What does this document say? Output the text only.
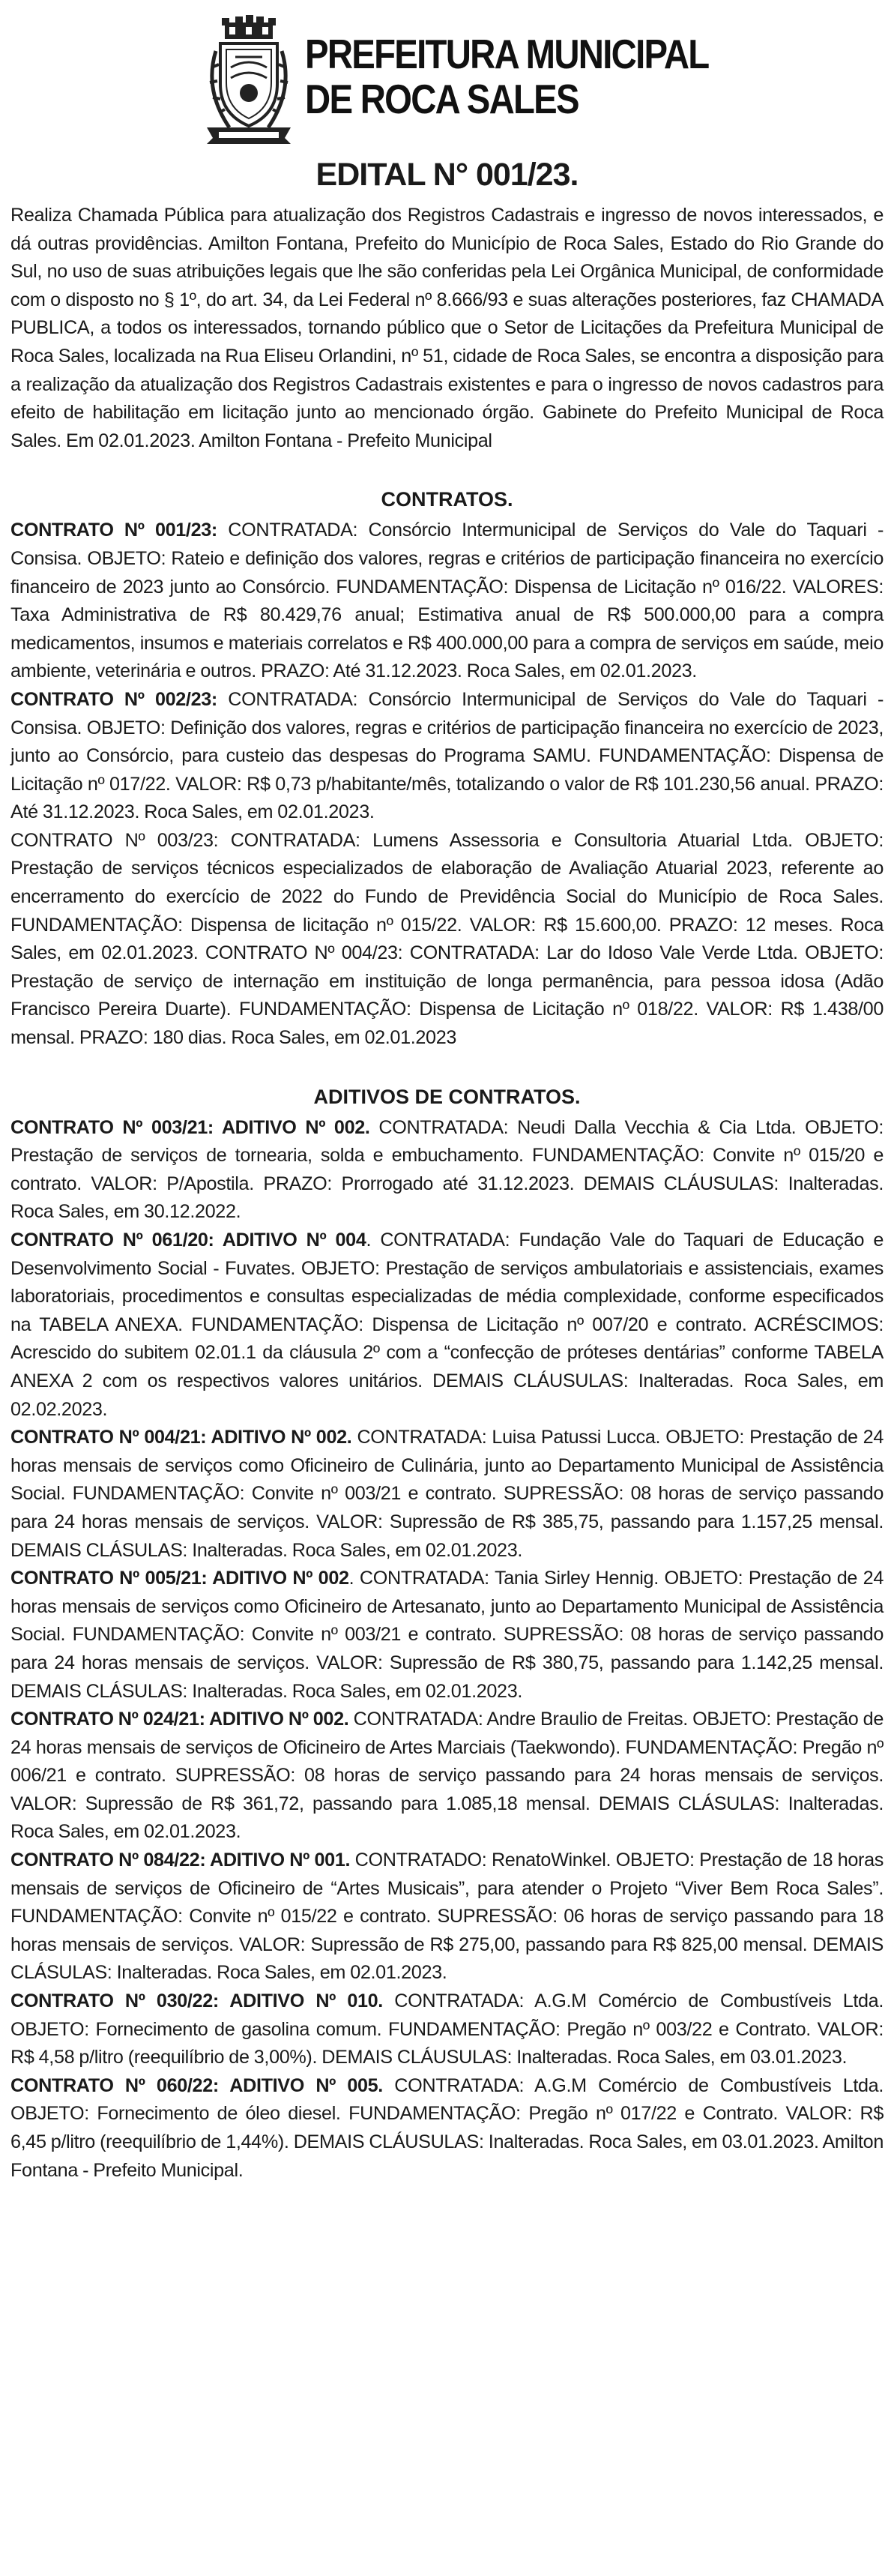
PREFEITURA MUNICIPAL
DE ROCA SALES
EDITAL N° 001/23.

Realiza Chamada Pública para atualização dos Registros Cadastrais e ingresso de novos interessados, e dá outras providências. Amilton Fontana, Prefeito do Município de Roca Sales, Estado do Rio Grande do Sul, no uso de suas atribuições legais que lhe são conferidas pela Lei Orgânica Municipal, de conformidade com o disposto no § 1º, do art. 34, da Lei Federal nº 8.666/93 e suas alterações posteriores, faz CHAMADA PUBLICA, a todos os interessados, tornando público que o Setor de Licitações da Prefeitura Municipal de Roca Sales, localizada na Rua Eliseu Orlandini, nº 51, cidade de Roca Sales, se encontra a disposição para a realização da atualização dos Registros Cadastrais existentes e para o ingresso de novos cadastros para efeito de habilitação em licitação junto ao mencionado órgão. Gabinete do Prefeito Municipal de Roca Sales. Em 02.01.2023. Amilton Fontana - Prefeito Municipal

CONTRATOS.

CONTRATO Nº 001/23: CONTRATADA: Consórcio Intermunicipal de Serviços do Vale do Taquari - Consisa. OBJETO: Rateio e definição dos valores, regras e critérios de participação financeira no exercício financeiro de 2023 junto ao Consórcio. FUNDAMENTAÇÃO: Dispensa de Licitação nº 016/22. VALORES: Taxa Administrativa de R$ 80.429,76 anual; Estimativa anual de R$ 500.000,00 para a compra medicamentos, insumos e materiais correlatos e R$ 400.000,00 para a compra de serviços em saúde, meio ambiente, veterinária e outros. PRAZO: Até 31.12.2023. Roca Sales, em 02.01.2023.

CONTRATO Nº 002/23: CONTRATADA: Consórcio Intermunicipal de Serviços do Vale do Taquari - Consisa. OBJETO: Definição dos valores, regras e critérios de participação financeira no exercício de 2023, junto ao Consórcio, para custeio das despesas do Programa SAMU. FUNDAMENTAÇÃO: Dispensa de Licitação nº 017/22. VALOR: R$ 0,73 p/habitante/mês, totalizando o valor de R$ 101.230,56 anual. PRAZO: Até 31.12.2023. Roca Sales, em 02.01.2023.

CONTRATO Nº 003/23: CONTRATADA: Lumens Assessoria e Consultoria Atuarial Ltda. OBJETO: Prestação de serviços técnicos especializados de elaboração de Avaliação Atuarial 2023, referente ao encerramento do exercício de 2022 do Fundo de Previdência Social do Município de Roca Sales. FUNDAMENTAÇÃO: Dispensa de licitação nº 015/22. VALOR: R$ 15.600,00. PRAZO: 12 meses. Roca Sales, em 02.01.2023. CONTRATO Nº 004/23: CONTRATADA: Lar do Idoso Vale Verde Ltda. OBJETO: Prestação de serviço de internação em instituição de longa permanência, para pessoa idosa (Adão Francisco Pereira Duarte). FUNDAMENTAÇÃO: Dispensa de Licitação nº 018/22. VALOR: R$ 1.438/00 mensal. PRAZO: 180 dias. Roca Sales, em 02.01.2023

ADITIVOS DE CONTRATOS.

CONTRATO Nº 003/21: ADITIVO Nº 002. CONTRATADA: Neudi Dalla Vecchia & Cia Ltda. OBJETO: Prestação de serviços de tornearia, solda e embuchamento. FUNDAMENTAÇÃO: Convite nº 015/20 e contrato. VALOR: P/Apostila. PRAZO: Prorrogado até 31.12.2023. DEMAIS CLÁUSULAS: Inalteradas. Roca Sales, em 30.12.2022.

CONTRATO Nº 061/20: ADITIVO Nº 004. CONTRATADA: Fundação Vale do Taquari de Educação e Desenvolvimento Social - Fuvates. OBJETO: Prestação de serviços ambulatoriais e assistenciais, exames laboratoriais, procedimentos e consultas especializadas de média complexidade, conforme especificados na TABELA ANEXA. FUNDAMENTAÇÃO: Dispensa de Licitação nº 007/20 e contrato. ACRÉSCIMOS: Acrescido do subitem 02.01.1 da cláusula 2º com a “confecção de próteses dentárias” conforme TABELA ANEXA 2 com os respectivos valores unitários. DEMAIS CLÁUSULAS: Inalteradas. Roca Sales, em 02.02.2023.

CONTRATO Nº 004/21: ADITIVO Nº 002. CONTRATADA: Luisa Patussi Lucca. OBJETO: Prestação de 24 horas mensais de serviços como Oficineiro de Culinária, junto ao Departamento Municipal de Assistência Social. FUNDAMENTAÇÃO: Convite nº 003/21 e contrato. SUPRESSÃO: 08 horas de serviço passando para 24 horas mensais de serviços. VALOR: Supressão de R$ 385,75, passando para 1.157,25 mensal. DEMAIS CLÁSULAS: Inalteradas. Roca Sales, em 02.01.2023.

CONTRATO Nº 005/21: ADITIVO Nº 002. CONTRATADA: Tania Sirley Hennig. OBJETO: Prestação de 24 horas mensais de serviços como Oficineiro de Artesanato, junto ao Departamento Municipal de Assistência Social. FUNDAMENTAÇÃO: Convite nº 003/21 e contrato. SUPRESSÃO: 08 horas de serviço passando para 24 horas mensais de serviços. VALOR: Supressão de R$ 380,75, passando para 1.142,25 mensal. DEMAIS CLÁSULAS: Inalteradas. Roca Sales, em 02.01.2023.

CONTRATO Nº 024/21: ADITIVO Nº 002. CONTRATADA: Andre Braulio de Freitas. OBJETO: Prestação de 24 horas mensais de serviços de Oficineiro de Artes Marciais (Taekwondo). FUNDAMENTAÇÃO: Pregão nº 006/21 e contrato. SUPRESSÃO: 08 horas de serviço passando para 24 horas mensais de serviços. VALOR: Supressão de R$ 361,72, passando para 1.085,18 mensal. DEMAIS CLÁSULAS: Inalteradas. Roca Sales, em 02.01.2023.

CONTRATO Nº 084/22: ADITIVO Nº 001. CONTRATADO: RenatoWinkel. OBJETO: Prestação de 18 horas mensais de serviços de Oficineiro de “Artes Musicais”, para atender o Projeto “Viver Bem Roca Sales”. FUNDAMENTAÇÃO: Convite nº 015/22 e contrato. SUPRESSÃO: 06 horas de serviço passando para 18 horas mensais de serviços. VALOR: Supressão de R$ 275,00, passando para R$ 825,00 mensal. DEMAIS CLÁSULAS: Inalteradas. Roca Sales, em 02.01.2023.

CONTRATO Nº 030/22: ADITIVO Nº 010. CONTRATADA: A.G.M Comércio de Combustíveis Ltda. OBJETO: Fornecimento de gasolina comum. FUNDAMENTAÇÃO: Pregão nº 003/22 e Contrato. VALOR: R$ 4,58 p/litro (reequilíbrio de 3,00%). DEMAIS CLÁUSULAS: Inalteradas. Roca Sales, em 03.01.2023.

CONTRATO Nº 060/22: ADITIVO Nº 005. CONTRATADA: A.G.M Comércio de Combustíveis Ltda. OBJETO: Fornecimento de óleo diesel. FUNDAMENTAÇÃO: Pregão nº 017/22 e Contrato. VALOR: R$ 6,45 p/litro (reequilíbrio de 1,44%). DEMAIS CLÁUSULAS: Inalteradas. Roca Sales, em 03.01.2023. Amilton Fontana - Prefeito Municipal.
